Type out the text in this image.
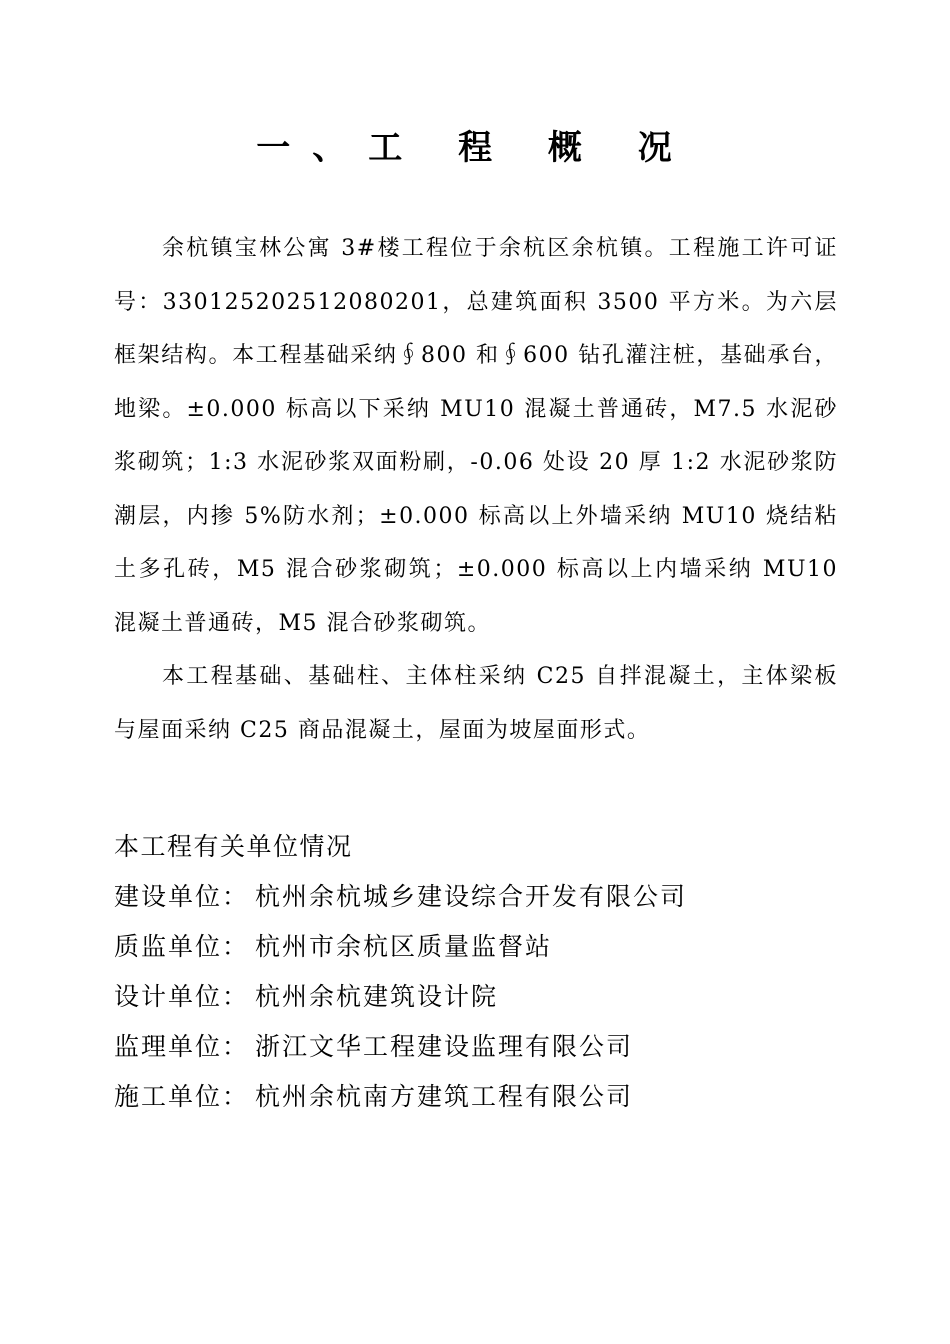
一、工 程 概 况

余杭镇宝林公寓 3#楼工程位于余杭区余杭镇。工程施工许可证号：330125202512080201，总建筑面积 3500 平方米。为六层框架结构。本工程基础采纳∮800 和∮600 钻孔灌注桩，基础承台，地梁。±0.000 标高以下采纳 MU10 混凝土普通砖，M7.5 水泥砂浆砌筑；1:3 水泥砂浆双面粉刷，-0.06 处设 20 厚 1:2 水泥砂浆防潮层，内掺 5%防水剂；±0.000 标高以上外墙采纳 MU10 烧结粘土多孔砖，M5 混合砂浆砌筑；±0.000 标高以上内墙采纳 MU10 混凝土普通砖，M5 混合砂浆砌筑。

本工程基础、基础柱、主体柱采纳 C25 自拌混凝土，主体梁板与屋面采纳 C25 商品混凝土，屋面为坡屋面形式。

本工程有关单位情况
建设单位： 杭州余杭城乡建设综合开发有限公司
质监单位： 杭州市余杭区质量监督站
设计单位： 杭州余杭建筑设计院
监理单位： 浙江文华工程建设监理有限公司
施工单位： 杭州余杭南方建筑工程有限公司
